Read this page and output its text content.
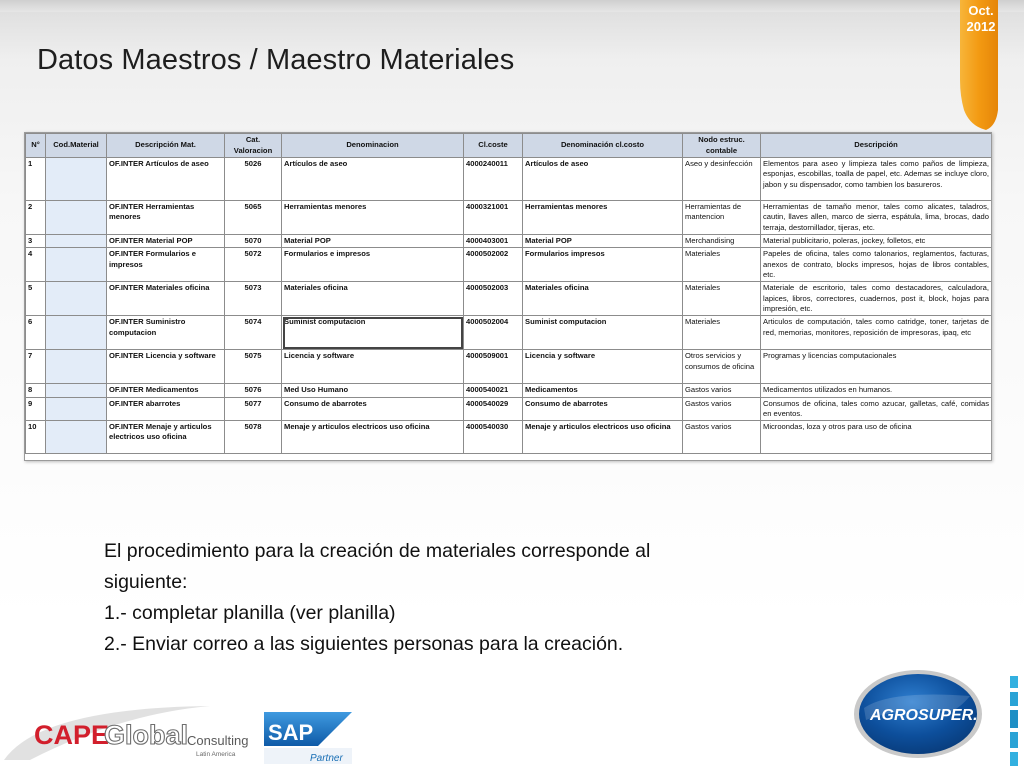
Oct.
2012
Datos Maestros / Maestro Materiales
N°	Cod.Material	Descripción Mat.	Cat. Valoracion	Denominacion	Cl.coste	Denominación cl.costo	Nodo estruc. contable	Descripción
1		OF.INTER Artículos de aseo	5026	Artículos de aseo	4000240011	Artículos de aseo	Aseo y desinfección	Elementos para aseo y limpieza tales como paños de limpieza, esponjas, escobillas, toalla de papel, etc. Ademas se incluye cloro, jabon y su dispensador, como tambien los basureros.
2		OF.INTER Herramientas menores	5065	Herramientas menores	4000321001	Herramientas menores	Herramientas de mantencion	Herramientas de tamaño menor, tales como alicates, taladros, cautin, llaves allen, marco de sierra, espátula, lima, brocas, dado terraja, destornillador, tijeras, etc.
3		OF.INTER Material POP	5070	Material POP	4000403001	Material POP	Merchandising	Material publicitario, poleras, jockey, folletos, etc
4		OF.INTER Formularios e impresos	5072	Formularios e impresos	4000502002	Formularios impresos	Materiales	Papeles de oficina, tales como talonarios, reglamentos, facturas, anexos de contrato, blocks impresos, hojas de libros contables, etc.
5		OF.INTER Materiales oficina	5073	Materiales oficina	4000502003	Materiales oficina	Materiales	Materiale de escritorio, tales como destacadores, calculadora, lapices, libros, correctores, cuadernos, post it, block, hojas para impresión, etc.
6		OF.INTER Suministro computacion	5074	Suminist computacion	4000502004	Suminist computacion	Materiales	Articulos de computación, tales como catridge, toner, tarjetas de red, memorias, monitores, reposición de impresoras, ipaq, etc
7		OF.INTER Licencia y software	5075	Licencia y software	4000509001	Licencia y software	Otros servicios y consumos de oficina	Programas y licencias computacionales
8		OF.INTER Medicamentos	5076	Med Uso Humano	4000540021	Medicamentos	Gastos varios	Medicamentos utilizados en humanos.
9		OF.INTER abarrotes	5077	Consumo de abarrotes	4000540029	Consumo de abarrotes	Gastos varios	Consumos de oficina, tales como azucar, galletas, café, comidas en eventos.
10		OF.INTER Menaje y articulos electricos uso oficina	5078	Menaje y articulos electricos uso oficina	4000540030	Menaje y articulos electricos uso oficina	Gastos varios	Microondas, loza y otros para uso de oficina
El procedimiento para la creación de materiales corresponde al
siguiente:
1.- completar planilla (ver planilla)
2.- Enviar correo a las siguientes personas para la creación.
CAPE
Global
Consulting
Latin America
SAP
Partner
AGROSUPER.
